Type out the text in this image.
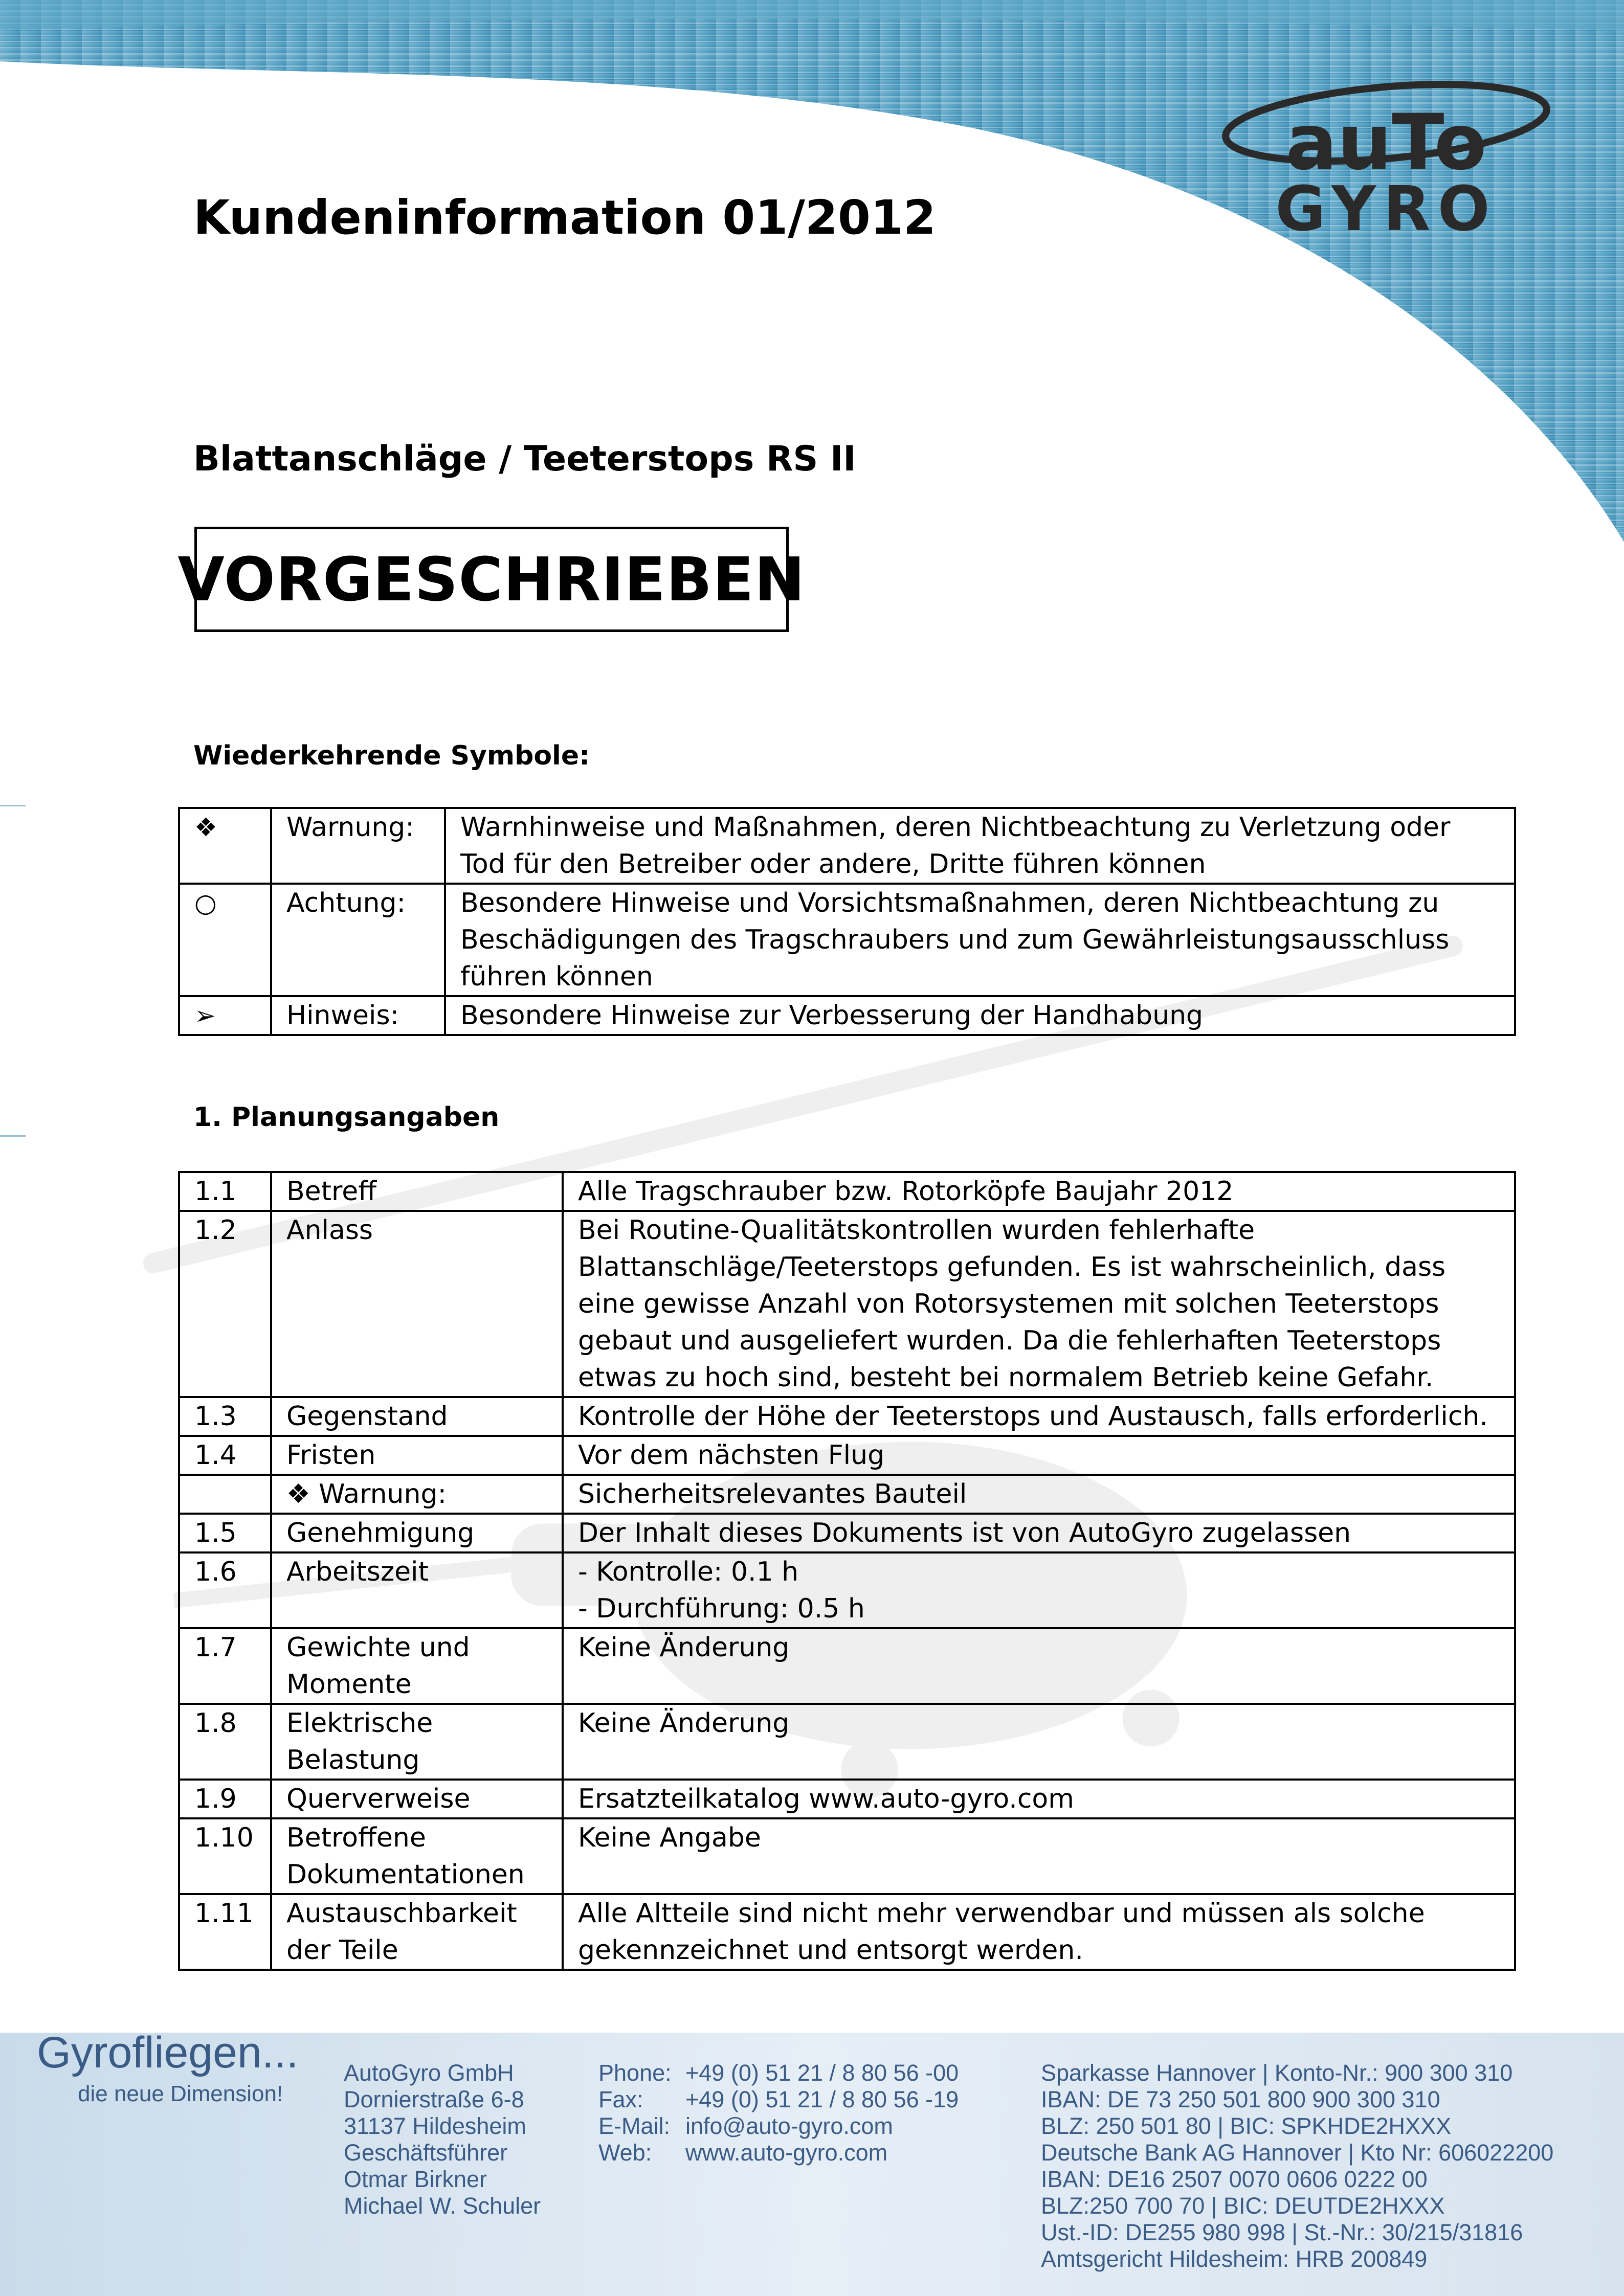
auTo
GYRO
Kundeninformation 01/2012
Blattanschläge / Teeterstops RS II
VORGESCHRIEBEN
Wiederkehrende Symbole:
❖	Warnung:	Warnhinweise und Maßnahmen, deren Nichtbeachtung zu Verletzung oder Tod für den Betreiber oder andere, Dritte führen können
○	Achtung:	Besondere Hinweise und Vorsichtsmaßnahmen, deren Nichtbeachtung zu Beschädigungen des Tragschraubers und zum Gewährleistungsausschluss führen können
➢	Hinweis:	Besondere Hinweise zur Verbesserung der Handhabung
1. Planungsangaben
1.1	Betreff	Alle Tragschrauber bzw. Rotorköpfe Baujahr 2012
1.2	Anlass	Bei Routine-Qualitätskontrollen wurden fehlerhafte Blattanschläge/Teeterstops gefunden. Es ist wahrscheinlich, dass eine gewisse Anzahl von Rotorsystemen mit solchen Teeterstops gebaut und ausgeliefert wurden. Da die fehlerhaften Teeterstops etwas zu hoch sind, besteht bei normalem Betrieb keine Gefahr.
1.3	Gegenstand	Kontrolle der Höhe der Teeterstops und Austausch, falls erforderlich.
1.4	Fristen	Vor dem nächsten Flug
	❖ Warnung:	Sicherheitsrelevantes Bauteil
1.5	Genehmigung	Der Inhalt dieses Dokuments ist von AutoGyro zugelassen
1.6	Arbeitszeit	- Kontrolle: 0.1 h
- Durchführung: 0.5 h
1.7	Gewichte und Momente	Keine Änderung
1.8	Elektrische Belastung	Keine Änderung
1.9	Querverweise	Ersatzteilkatalog www.auto-gyro.com
1.10	Betroffene Dokumentationen	Keine Angabe
1.11	Austauschbarkeit der Teile	Alle Altteile sind nicht mehr verwendbar und müssen als solche gekennzeichnet und entsorgt werden.
Gyrofliegen...
die neue Dimension!
AutoGyro GmbH
Dornierstraße 6-8
31137 Hildesheim
Geschäftsführer
Otmar Birkner
Michael W. Schuler
Phone:
Fax:
E-Mail:
Web:
+49 (0) 51 21 / 8 80 56 -00
+49 (0) 51 21 / 8 80 56 -19
info@auto-gyro.com
www.auto-gyro.com
Sparkasse Hannover | Konto-Nr.: 900 300 310
IBAN: DE 73 250 501 800 900 300 310
BLZ: 250 501 80 | BIC: SPKHDE2HXXX
Deutsche Bank AG Hannover | Kto Nr: 606022200
IBAN: DE16 2507 0070 0606 0222 00
BLZ:250 700 70 | BIC: DEUTDE2HXXX
Ust.-ID: DE255 980 998 | St.-Nr.: 30/215/31816
Amtsgericht Hildesheim: HRB 200849
